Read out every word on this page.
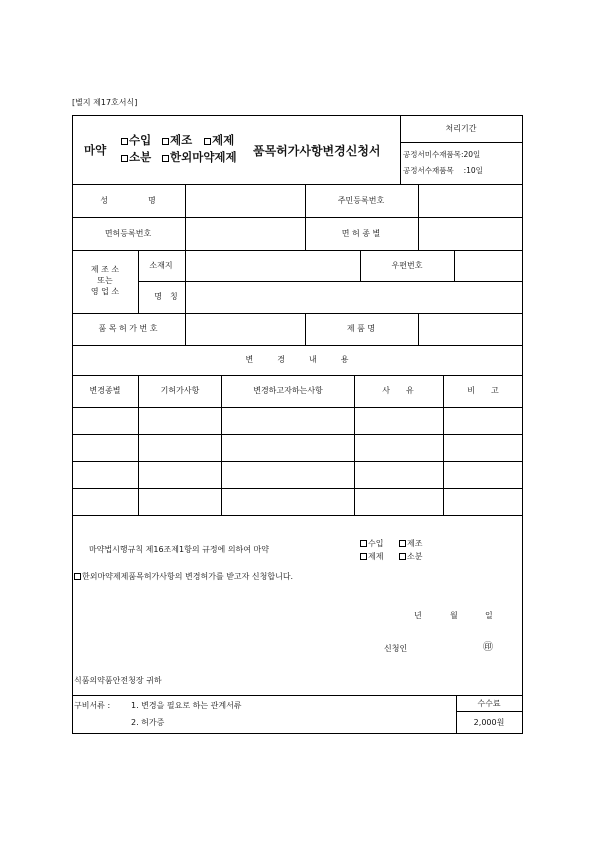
[별지 제17호서식]
마약
수입	제조	제제
소분	한외마약제제 품목허가사항변경신청서
처리기간
공정서미수재품목:20일
공정서수재품목 　:10일
성　　　　　명	주민등록번호
면허등록번호	면 허 종 별
제 조 소
또는
영 업 소
소재지	우편번호
명　칭
품 목 허 가 번 호	제 품 명
변　　　경　　　내　　　용
변경종별	기허가사항	변경하고자하는사항	사　　유	비　　고
마약법시행규칙 제16조제1항의 규정에 의하여 마약
수입	제조
제제	소분
한외마약제제품목허가사항의 변경허가를 받고자 신청합니다.
년	월	일
신청인	㊞
식품의약품안전청장 귀하
구비서류 :	1. 변경을 필요로 하는 관계서류
2. 허가증
수수료
2,000원
